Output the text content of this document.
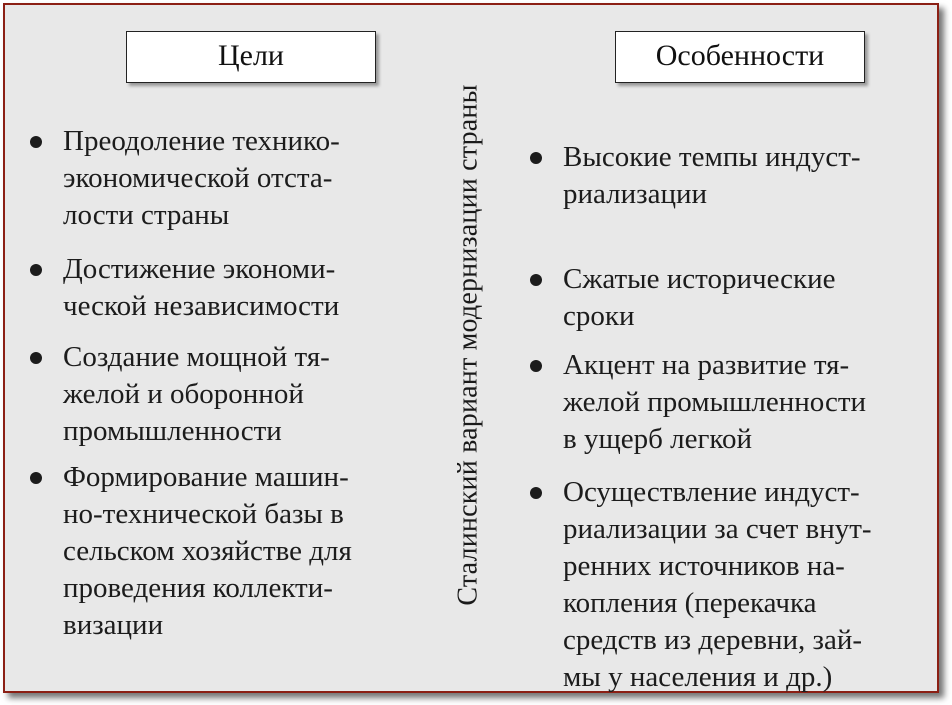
Цели	Особенности
Сталинский вариант модернизации страны
Преодоление технико-
экономической отста-
лости страны
Достижение экономи-
ческой независимости
Создание мощной тя-
желой и оборонной
промышленности
Формирование машин-
но-технической базы в
сельском хозяйстве для
проведения коллекти-
визации
Высокие темпы индуст-
риализации
Сжатые исторические
сроки
Акцент на развитие тя-
желой промышленности
в ущерб легкой
Осуществление индуст-
риализации за счет внут-
ренних источников на-
копления (перекачка
средств из деревни, зай-
мы у населения и др.)
